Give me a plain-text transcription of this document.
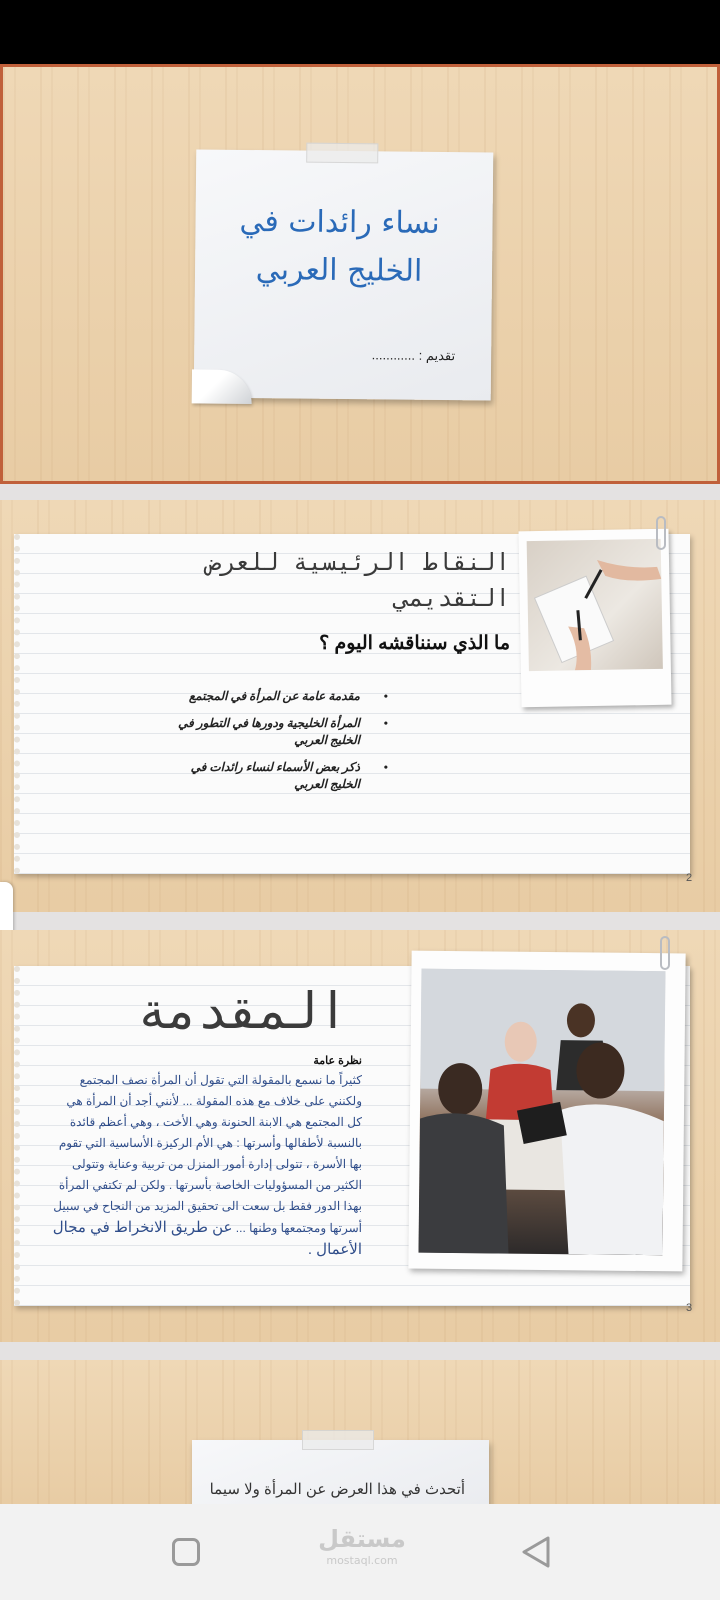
نساء رائدات في الخليج العربي
تقديم : ............
النقاط الرئيسية للعرض التقديمي
ما الذي سنناقشه اليوم ؟
• مقدمة عامة عن المرأة في المجتمع
• المرأة الخليجية ودورها في التطور في الخليج العربي
• ذكر بعض الأسماء لنساء رائدات في الخليج العربي
2
المقدمة
نظرة عامة
كثيراً ما نسمع بالمقولة التي تقول أن المرأة نصف المجتمع ولكنني على خلاف مع هذه المقولة ... لأنني أجد أن المرأة هي كل المجتمع هي الابنة الحنونة وهي الأخت ، وهي أعظم قائدة بالنسبة لأطفالها وأسرتها : هي الأم الركيزة الأساسية التي تقوم بها الأسرة ، تتولى إدارة أمور المنزل من تربية وعناية وتتولى الكثير من المسؤوليات الخاصة بأسرتها . ولكن لم تكتفي المرأة بهذا الدور فقط بل سعت الى تحقيق المزيد من النجاح في سبيل أسرتها ومجتمعها وطنها ... عن طريق الانخراط في مجال الأعمال .
3
أتحدث في هذا العرض عن المرأة ولا سيما
مستقل
mostaql.com
